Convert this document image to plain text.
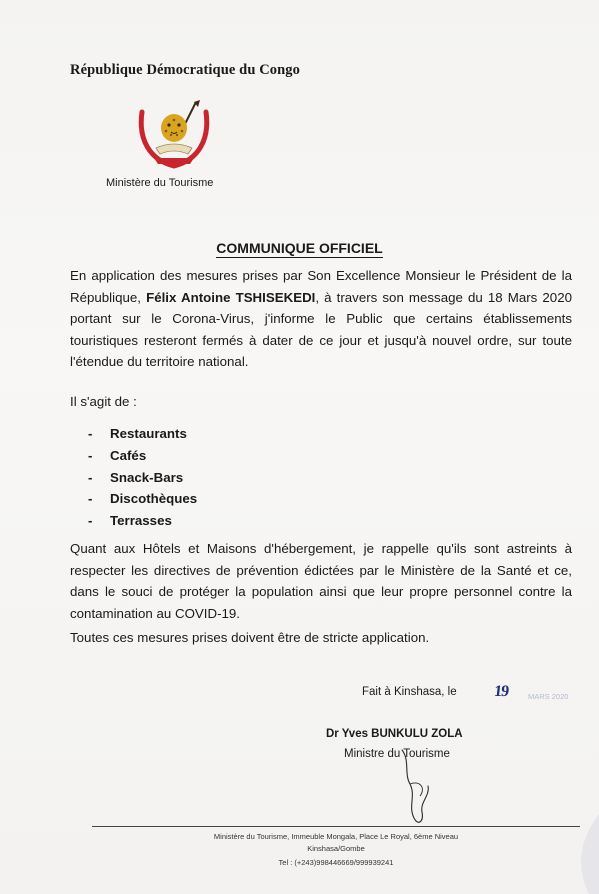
République Démocratique du Congo
Ministère du Tourisme
COMMUNIQUE OFFICIEL
En application des mesures prises par Son Excellence Monsieur le Président de la République, Félix Antoine TSHISEKEDI, à travers son message du 18 Mars 2020 portant sur le Corona-Virus, j'informe le Public que certains établissements touristiques resteront fermés à dater de ce jour et jusqu'à nouvel ordre, sur toute l'étendue du territoire national.
Il s'agit de :
-	Restaurants
-	Cafés
-	Snack-Bars
-	Discothèques
-	Terrasses
Quant aux Hôtels et Maisons d'hébergement, je rappelle qu'ils sont astreints à respecter les directives de prévention édictées par le Ministère de la Santé et ce, dans le souci de protéger la population ainsi que leur propre personnel contre la contamination au COVID-19.
Toutes ces mesures prises doivent être de stricte application.
Fait à Kinshasa, le 19	MARS 2020
Dr Yves BUNKULU ZOLA
Ministre du Tourisme
Ministère du Tourisme, Immeuble Mongala, Place Le Royal, 6ème Niveau
Kinshasa/Gombe
Tel : (+243)998446669/999939241
